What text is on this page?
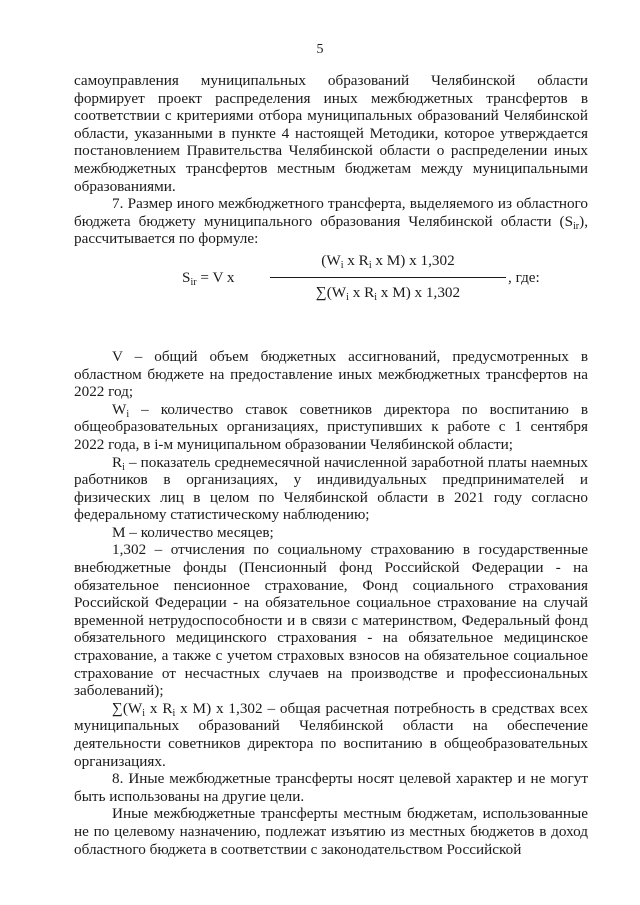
5

самоуправления муниципальных образований Челябинской области формирует проект распределения иных межбюджетных трансфертов в соответствии с критериями отбора муниципальных образований Челябинской области, указанными в пункте 4 настоящей Методики, которое утверждается постановлением Правительства Челябинской области о распределении иных межбюджетных трансфертов местным бюджетам между муниципальными образованиями.

7. Размер иного межбюджетного трансферта, выделяемого из областного бюджета бюджету муниципального образования Челябинской области $(S_{ir})$, рассчитывается по формуле:

$S_{ir} = V$ x
($W_i$ x $R_i$ x M) x 1,302
$\sum(W_i$ x $R_i$ x M) x 1,302
, где:

V – общий объем бюджетных ассигнований, предусмотренных в областном бюджете на предоставление иных межбюджетных трансфертов на 2022 год;

$W_i$ – количество ставок советников директора по воспитанию в общеобразовательных организациях, приступивших к работе с 1 сентября 2022 года, в i-м муниципальном образовании Челябинской области;

$R_i$ – показатель среднемесячной начисленной заработной платы наемных работников в организациях, у индивидуальных предпринимателей и физических лиц в целом по Челябинской области в 2021 году согласно федеральному статистическому наблюдению;

M – количество месяцев;

1,302 – отчисления по социальному страхованию в государственные внебюджетные фонды (Пенсионный фонд Российской Федерации - на обязательное пенсионное страхование, Фонд социального страхования Российской Федерации - на обязательное социальное страхование на случай временной нетрудоспособности и в связи с материнством, Федеральный фонд обязательного медицинского страхования - на обязательное медицинское страхование, а также с учетом страховых взносов на обязательное социальное страхование от несчастных случаев на производстве и профессиональных заболеваний);

$\sum(W_i$ x $R_i$ x M) x 1,302 – общая расчетная потребность в средствах всех муниципальных образований Челябинской области на обеспечение деятельности советников директора по воспитанию в общеобразовательных организациях.

8. Иные межбюджетные трансферты носят целевой характер и не могут быть использованы на другие цели.

Иные межбюджетные трансферты местным бюджетам, использованные не по целевому назначению, подлежат изъятию из местных бюджетов в доход областного бюджета в соответствии с законодательством Российской
